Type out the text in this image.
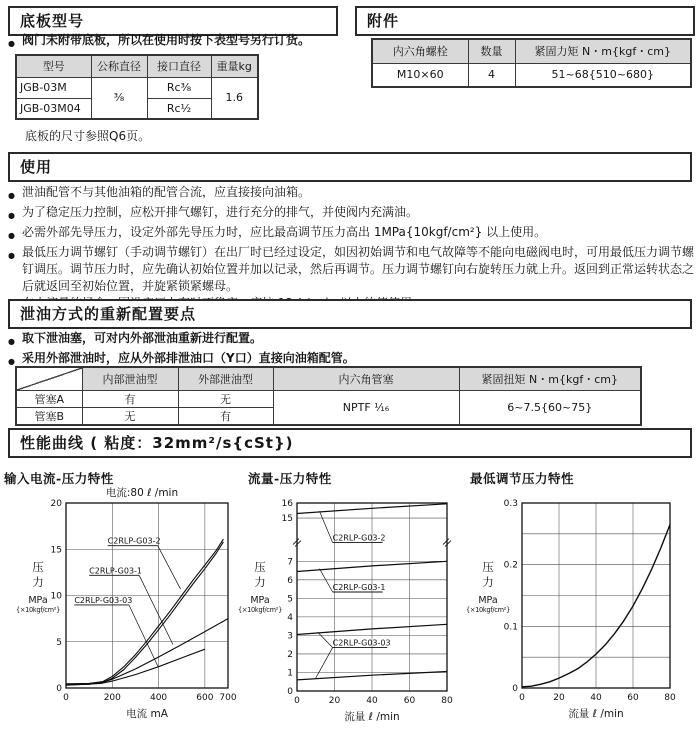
底板型号
● 阀门未附带底板，所以在使用时按下表型号另行订货。
型号	公称直径	接口直径	重量kg
JGB-03M	³⁄₈	Rc³⁄₈	1.6
JGB-03M04		Rc¹⁄₂	
底板的尺寸参照Q6页。
附件
内六角螺栓	数量	紧固力矩 N・m{kgf・cm}
M10×60	4	51~68{510~680}
使用
● 泄油配管不与其他油箱的配管合流，应直接接向油箱。
● 为了稳定压力控制，应松开排气螺钉，进行充分的排气，并使阀内充满油。
● 必需外部先导压力，设定外部先导压力时，应比最高调节压力高出 1MPa{10kgf/cm²} 以上使用。
● 最低压力调节螺钉（手动调节螺钉）在出厂时已经过设定，如因初始调节和电气故障等不能向电磁阀电时，可用最低压力调节螺钉调压。调节压力时，应先确认初始位置并加以记录，然后再调节。压力调节螺钉向右旋转压力就上升。返回到正常运转状态之后就返回至初始位置，并旋紧锁紧螺母。
泄油方式的重新配置要点
● 取下泄油塞，可对内外部泄油重新进行配置。
● 采用外部泄油时，应从外部排泄油口（Y口）直接向油箱配管。
	内部泄油型	外部泄油型	内六角管塞	紧固扭矩 N・m{kgf・cm}
管塞A	有	无	NPTF ¹⁄₁₆	6~7.5{60~75}
管塞B	无	有		
性能曲线 ( 粘度：32mm²/s{cSt})
输入电流-压力特性
电流:80 ℓ /min
压力
MPa
{×10kgf/cm²}
0	200	400	600 700
0
5
10
15
20
C2RLP-G03-2
C2RLP-G03-1
C2RLP-G03-03
电流 mA
流量-压力特性
压力
MPa
{×10kgf/cm²}
0	20	40	60	80
0
1
2
3
4
5
6
7
15
16
C2RLP-G03-2
C2RLP-G03-1
C2RLP-G03-03
流量 ℓ /min
最低调节压力特性
压力
MPa
{×10kgf/cm²}
0	20	40	60	80
0
0.1
0.2
0.3
流量 ℓ /min
